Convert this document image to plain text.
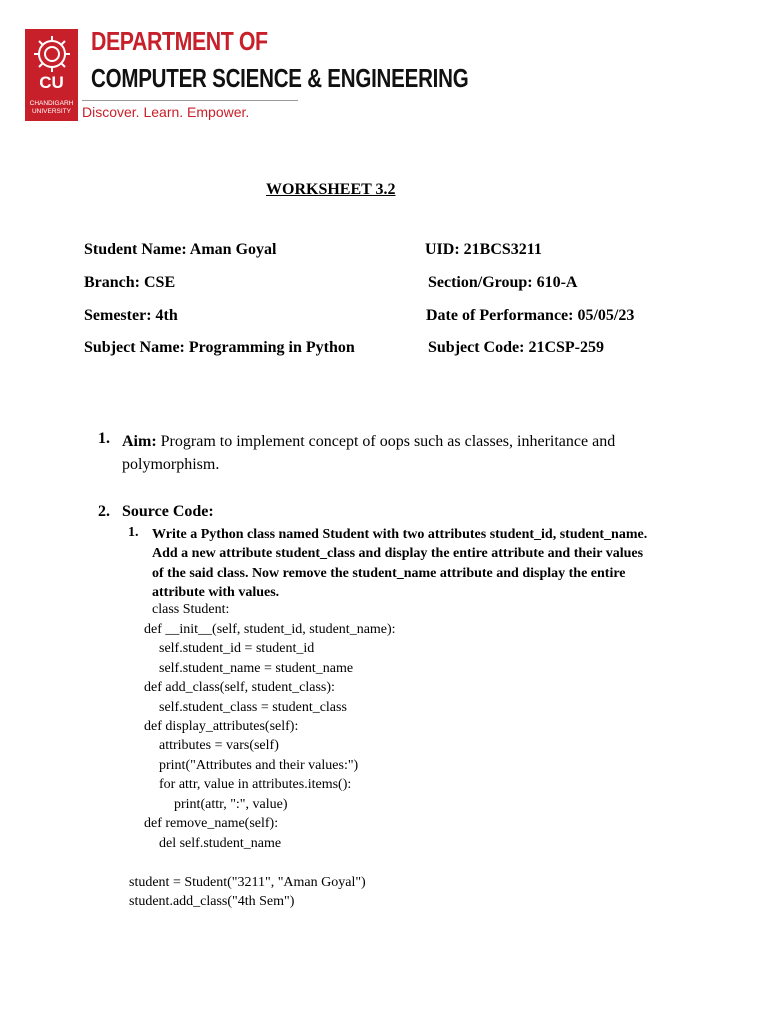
CU
CHANDIGARH UNIVERSITY
DEPARTMENT OF
COMPUTER SCIENCE & ENGINEERING
Discover. Learn. Empower.
WORKSHEET 3.2
Student Name: Aman Goyal	UID: 21BCS3211
Branch: CSE	Section/Group: 610-A
Semester: 4th	Date of Performance: 05/05/23
Subject Name: Programming in Python	Subject Code: 21CSP-259
1. Aim: Program to implement concept of oops such as classes, inheritance and polymorphism.
2. Source Code:
1. Write a Python class named Student with two attributes student_id, student_name. Add a new attribute student_class and display the entire attribute and their values of the said class. Now remove the student_name attribute and display the entire attribute with values.
class Student:
def __init__(self, student_id, student_name):
self.student_id = student_id
self.student_name = student_name
def add_class(self, student_class):
self.student_class = student_class
def display_attributes(self):
attributes = vars(self)
print("Attributes and their values:")
for attr, value in attributes.items():
print(attr, ":", value)
def remove_name(self):
del self.student_name
student = Student("3211", "Aman Goyal")
student.add_class("4th Sem")
